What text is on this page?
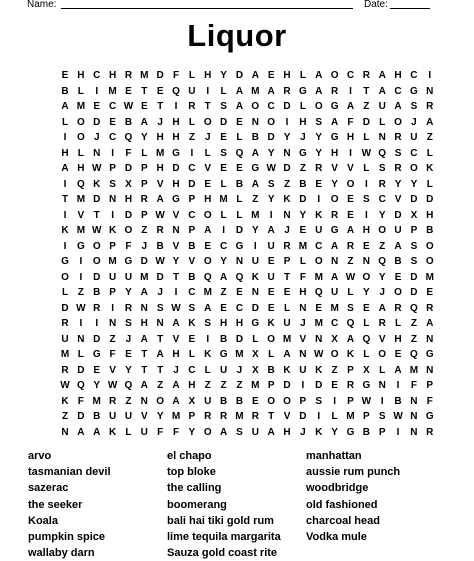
Name:	Date:
Liquor
E H C H R M D F L H Y D A E H L A O C R A H C	I
B L	I	M E T E Q U	I	L A M A R G A R	I	T A C G N
A M E C W E T	I	R T S A O C D L O G A Z U A S R
L O D E B A J H L O D E N O	I	H S A F D L O J A
I	O J C Q Y H H Z	J E L B D Y J Y G H L N R U Z
H L N	I	F L M G	I	L S Q A Y N G Y H	I W Q S C L
A H W P D P H D C V E E G W D Z R V V L S R O K
I	Q K S X P V H D E L B A S Z B E Y O	I	R Y Y L
T M D N H R A G P H M L Z Y K D	I	O E S C V D D
I	V T	I	D P W V C O L L M	I	N Y K R E	I	Y D X H
K M W K O Z R N P A	I	D Y A J E U G A H O U P B
I	G O P F	J B V B E C G	I	U R M C A R E Z A S O
G	I	O M G D W Y V O Y N U E P L O N Z N Q B S O
O	I	D U U M D T B Q A Q K U T F M A W O Y E D M
L Z B P Y A J	I	C M Z E N E E H Q U L Y J O D E
D W R	I	R N S W S A E C D E L N E M S E A R Q R
R	I	I	N S H N A K S H H G K U J M C Q L R L Z A
U N D Z	J A T V E	I	B D L O M V N X A Q V H Z N
M L G F E T A H L K G M X L A N W O K L O E Q G
R D E V Y T T	J C L U J X B K U K Z P X L A M N
W Q Y W Q A Z A H Z Z Z M P D	I	D E R G N	I	F P
K F M R Z N O A X U B B E O O P S	I	P W I	B N F
Z D B U U V Y M P R R M R T V D	I	L M P S W N G
N A A K L U F F Y O A S U A H J K Y G B P	I	N R
arvo
tasmanian devil
sazerac
the seeker
Koala
pumpkin spice
wallaby darn
el chapo
top bloke
the calling
boomerang
bali hai tiki gold rum
lime tequila margarita
Sauza gold coast rite
manhattan
aussie rum punch
woodbridge
old fashioned
charcoal head
Vodka mule
